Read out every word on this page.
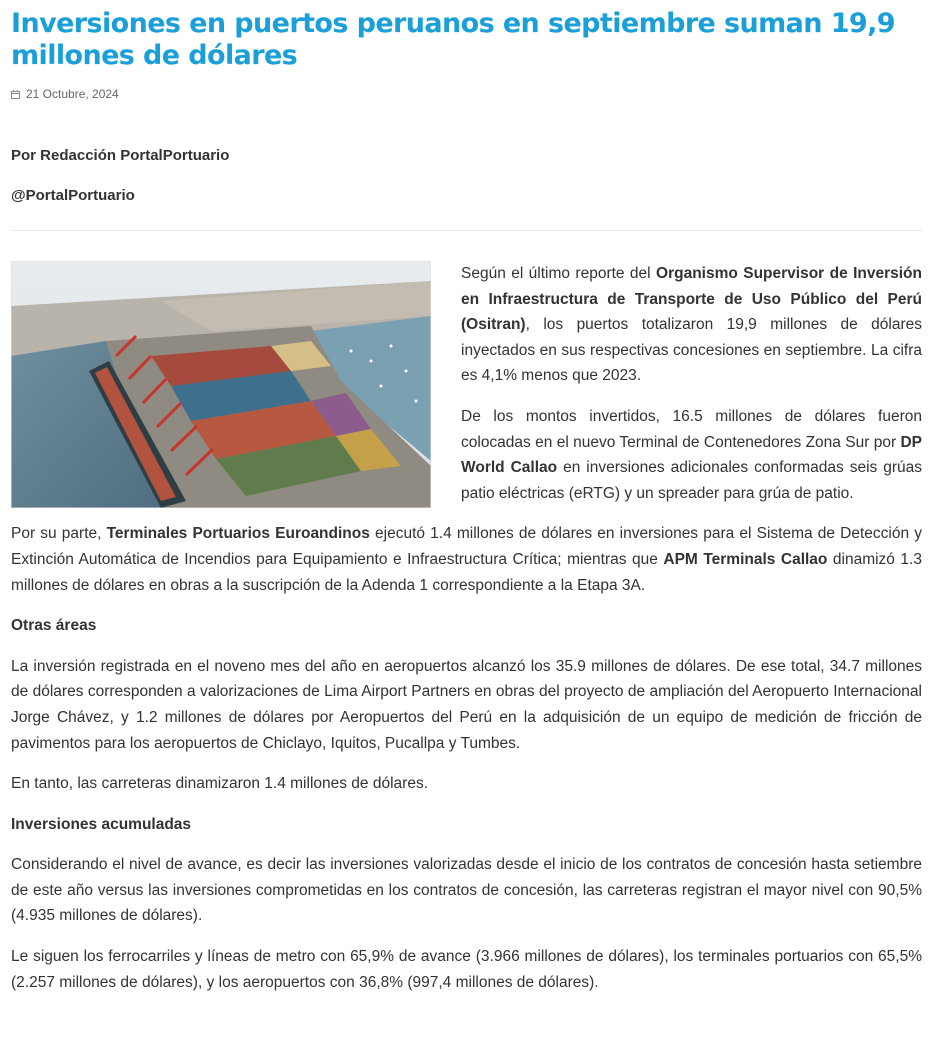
Inversiones en puertos peruanos en septiembre suman 19,9 millones de dólares
21 Octubre, 2024
Por Redacción PortalPortuario
@PortalPortuario

Según el último reporte del Organismo Supervisor de Inversión en Infraestructura de Transporte de Uso Público del Perú (Ositran), los puertos totalizaron 19,9 millones de dólares inyectados en sus respectivas concesiones en septiembre. La cifra es 4,1% menos que 2023.

De los montos invertidos, 16.5 millones de dólares fueron colocadas en el nuevo Terminal de Contenedores Zona Sur por DP World Callao en inversiones adicionales conformadas seis grúas patio eléctricas (eRTG) y un spreader para grúa de patio.

Por su parte, Terminales Portuarios Euroandinos ejecutó 1.4 millones de dólares en inversiones para el Sistema de Detección y Extinción Automática de Incendios para Equipamiento e Infraestructura Crítica; mientras que APM Terminals Callao dinamizó 1.3 millones de dólares en obras a la suscripción de la Adenda 1 correspondiente a la Etapa 3A.

Otras áreas

La inversión registrada en el noveno mes del año en aeropuertos alcanzó los 35.9 millones de dólares. De ese total, 34.7 millones de dólares corresponden a valorizaciones de Lima Airport Partners en obras del proyecto de ampliación del Aeropuerto Internacional Jorge Chávez, y 1.2 millones de dólares por Aeropuertos del Perú en la adquisición de un equipo de medición de fricción de pavimentos para los aeropuertos de Chiclayo, Iquitos, Pucallpa y Tumbes.

En tanto, las carreteras dinamizaron 1.4 millones de dólares.

Inversiones acumuladas

Considerando el nivel de avance, es decir las inversiones valorizadas desde el inicio de los contratos de concesión hasta setiembre de este año versus las inversiones comprometidas en los contratos de concesión, las carreteras registran el mayor nivel con 90,5% (4.935 millones de dólares).

Le siguen los ferrocarriles y líneas de metro con 65,9% de avance (3.966 millones de dólares), los terminales portuarios con 65,5% (2.257 millones de dólares), y los aeropuertos con 36,8% (997,4 millones de dólares).
